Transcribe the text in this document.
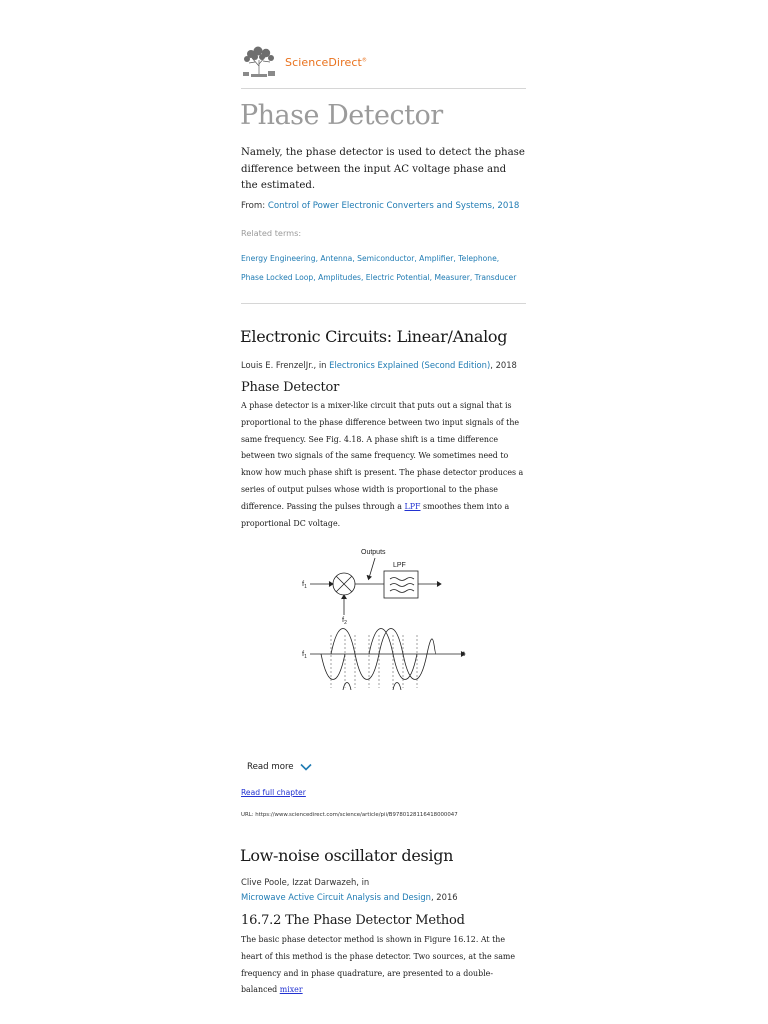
ScienceDirect®
Phase Detector
Namely, the phase detector is used to detect the phase difference between the input AC voltage phase and the estimated.
From: Control of Power Electronic Converters and Systems, 2018
Related terms:
Energy Engineering, Antenna, Semiconductor, Amplifier, Telephone,
Phase Locked Loop, Amplitudes, Electric Potential, Measurer, Transducer
Electronic Circuits: Linear/Analog
Louis E. FrenzelJr., in Electronics Explained (Second Edition), 2018
Phase Detector
A phase detector is a mixer-like circuit that puts out a signal that is proportional to the phase difference between two input signals of the same frequency. See Fig. 4.18. A phase shift is a time difference between two signals of the same frequency. We sometimes need to know how much phase shift is present. The phase detector produces a series of output pulses whose width is proportional to the phase difference. Passing the pulses through a LPF smoothes them into a proportional DC voltage.
Outputs
LPF
$f_1$
$f_2$
$f_1$
Read more
Read full chapter
URL: https://www.sciencedirect.com/science/article/pii/B9780128116418000047
Low-noise oscillator design
Clive Poole, Izzat Darwazeh, in
Microwave Active Circuit Analysis and Design, 2016
16.7.2 The Phase Detector Method
The basic phase detector method is shown in Figure 16.12. At the heart of this method is the phase detector. Two sources, at the same frequency and in phase quadrature, are presented to a double-balanced mixer
